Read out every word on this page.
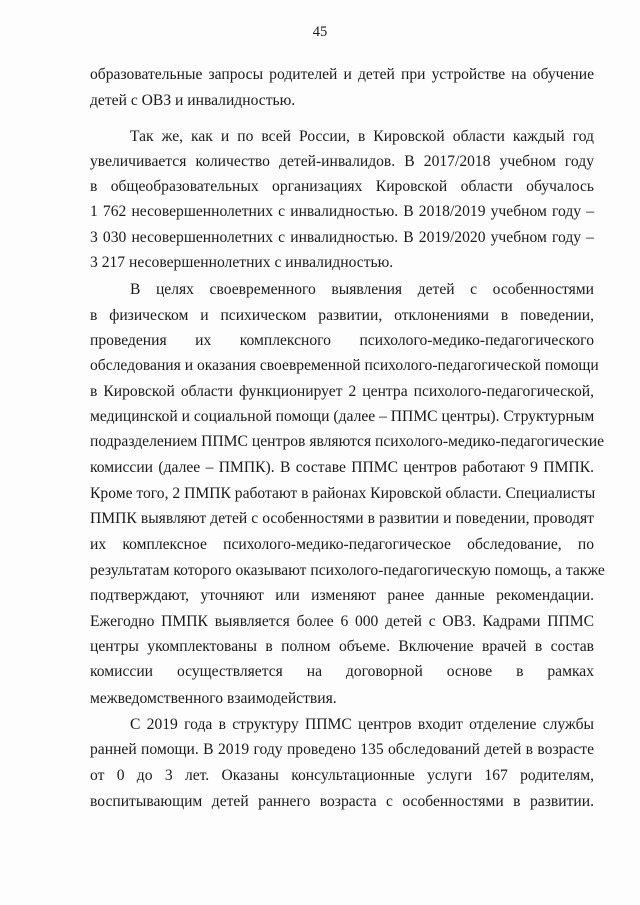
45
образовательные запросы родителей и детей при устройстве на обучение
детей с ОВЗ и инвалидностью.
Так же, как и по всей России, в Кировской области каждый год
увеличивается количество детей-инвалидов. В 2017/2018 учебном году
в общеобразовательных организациях Кировской области обучалось
1 762 несовершеннолетних с инвалидностью. В 2018/2019 учебном году –
3 030 несовершеннолетних с инвалидностью. В 2019/2020 учебном году –
3 217 несовершеннолетних с инвалидностью.
В целях своевременного выявления детей с особенностями
в физическом и психическом развитии, отклонениями в поведении,
проведения их комплексного психолого-медико-педагогического
обследования и оказания своевременной психолого-педагогической помощи
в Кировской области функционирует 2 центра психолого-педагогической,
медицинской и социальной помощи (далее – ППМС центры). Структурным
подразделением ППМС центров являются психолого-медико-педагогические
комиссии (далее – ПМПК). В составе ППМС центров работают 9 ПМПК.
Кроме того, 2 ПМПК работают в районах Кировской области. Специалисты
ПМПК выявляют детей с особенностями в развитии и поведении, проводят
их комплексное психолого-медико-педагогическое обследование, по
результатам которого оказывают психолого-педагогическую помощь, а также
подтверждают, уточняют или изменяют ранее данные рекомендации.
Ежегодно ПМПК выявляется более 6 000 детей с ОВЗ. Кадрами ППМС
центры укомплектованы в полном объеме. Включение врачей в состав
комиссии осуществляется на договорной основе в рамках
межведомственного взаимодействия.
С 2019 года в структуру ППМС центров входит отделение службы
ранней помощи. В 2019 году проведено 135 обследований детей в возрасте
от 0 до 3 лет. Оказаны консультационные услуги 167 родителям,
воспитывающим детей раннего возраста с особенностями в развитии.
